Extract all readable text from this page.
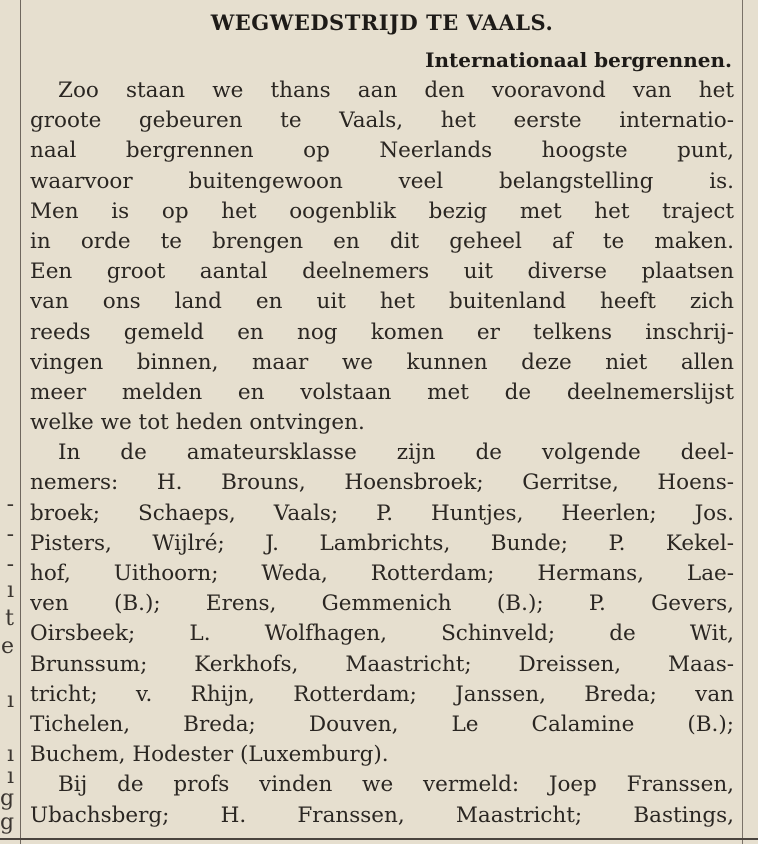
-
-
-
ı
t
e
ı
ı
ı
g
g
WEGWEDSTRIJD TE VAALS.
Internationaal bergrennen.
Zoo staan we thans aan den vooravond van het
groote gebeuren te Vaals, het eerste internatio-
naal bergrennen op Neerlands hoogste punt,
waarvoor buitengewoon veel belangstelling is.
Men is op het oogenblik bezig met het traject
in orde te brengen en dit geheel af te maken.
Een groot aantal deelnemers uit diverse plaatsen
van ons land en uit het buitenland heeft zich
reeds gemeld en nog komen er telkens inschrij-
vingen binnen, maar we kunnen deze niet allen
meer melden en volstaan met de deelnemerslijst
welke we tot heden ontvingen.
In de amateursklasse zijn de volgende deel-
nemers: H. Brouns, Hoensbroek; Gerritse, Hoens-
broek; Schaeps, Vaals; P. Huntjes, Heerlen; Jos.
Pisters, Wijlré; J. Lambrichts, Bunde; P. Kekel-
hof, Uithoorn; Weda, Rotterdam; Hermans, Lae-
ven (B.); Erens, Gemmenich (B.); P. Gevers,
Oirsbeek; L. Wolfhagen, Schinveld; de Wit,
Brunssum; Kerkhofs, Maastricht; Dreissen, Maas-
tricht; v. Rhijn, Rotterdam; Janssen, Breda; van
Tichelen, Breda; Douven, Le Calamine (B.);
Buchem, Hodester (Luxemburg).
Bij de profs vinden we vermeld: Joep Franssen,
Ubachsberg; H. Franssen, Maastricht; Bastings,
